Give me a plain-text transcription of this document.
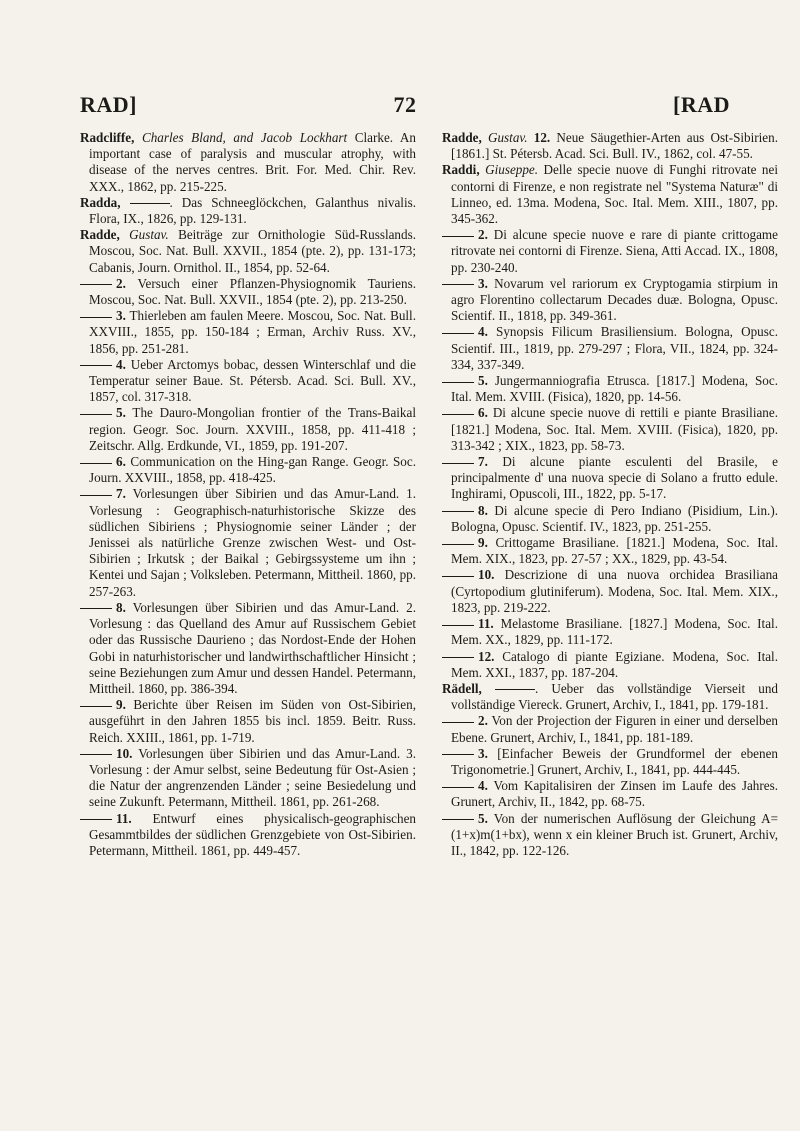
RAD]	72	[RAD

Radcliffe, Charles Bland, and Jacob Lockhart Clarke. An important case of paralysis and muscular atrophy, with disease of the nerves centres. Brit. For. Med. Chir. Rev. XXX., 1862, pp. 215-225.

Radda,	. Das Schneeglöckchen, Galanthus nivalis. Flora, IX., 1826, pp. 129-131.

Radde, Gustav. Beiträge zur Ornithologie Süd-Russlands. Moscou, Soc. Nat. Bull. XXVII., 1854 (pte. 2), pp. 131-173; Cabanis, Journ. Ornithol. II., 1854, pp. 52-64.

2. Versuch einer Pflanzen-Physiognomik Tauriens. Moscou, Soc. Nat. Bull. XXVII., 1854 (pte. 2), pp. 213-250.

3. Thierleben am faulen Meere. Moscou, Soc. Nat. Bull. XXVIII., 1855, pp. 150-184 ; Erman, Archiv Russ. XV., 1856, pp. 251-281.

4. Ueber Arctomys bobac, dessen Winterschlaf und die Temperatur seiner Baue. St. Pétersb. Acad. Sci. Bull. XV., 1857, col. 317-318.

5. The Dauro-Mongolian frontier of the Trans-Baikal region. Geogr. Soc. Journ. XXVIII., 1858, pp. 411-418 ; Zeitschr. Allg. Erdkunde, VI., 1859, pp. 191-207.

6. Communication on the Hing-gan Range. Geogr. Soc. Journ. XXVIII., 1858, pp. 418-425.

7. Vorlesungen über Sibirien und das Amur-Land. 1. Vorlesung : Geographisch-naturhistorische Skizze des südlichen Sibiriens ; Physiognomie seiner Länder ; der Jenissei als natürliche Grenze zwischen West- und Ost-Sibirien ; Irkutsk ; der Baikal ; Gebirgssysteme um ihn ; Kentei und Sajan ; Volksleben. Petermann, Mittheil. 1860, pp. 257-263.

8. Vorlesungen über Sibirien und das Amur-Land. 2. Vorlesung : das Quelland des Amur auf Russischem Gebiet oder das Russische Daurieno ; das Nordost-Ende der Hohen Gobi in naturhistorischer und landwirthschaftlicher Hinsicht ; seine Beziehungen zum Amur und dessen Handel. Petermann, Mittheil. 1860, pp. 386-394.

9. Berichte über Reisen im Süden von Ost-Sibirien, ausgeführt in den Jahren 1855 bis incl. 1859. Beitr. Russ. Reich. XXIII., 1861, pp. 1-719.

10. Vorlesungen über Sibirien und das Amur-Land. 3. Vorlesung : der Amur selbst, seine Bedeutung für Ost-Asien ; die Natur der angrenzenden Länder ; seine Besiedelung und seine Zukunft. Petermann, Mittheil. 1861, pp. 261-268.

11. Entwurf eines physicalisch-geographischen Gesammtbildes der südlichen Grenzgebiete von Ost-Sibirien. Petermann, Mittheil. 1861, pp. 449-457.

Radde, Gustav. 12. Neue Säugethier-Arten aus Ost-Sibirien. [1861.] St. Pétersb. Acad. Sci. Bull. IV., 1862, col. 47-55.

Raddi, Giuseppe. Delle specie nuove di Funghi ritrovate nei contorni di Firenze, e non registrate nel "Systema Naturæ" di Linneo, ed. 13ma. Modena, Soc. Ital. Mem. XIII., 1807, pp. 345-362.

2. Di alcune specie nuove e rare di piante crittogame ritrovate nei contorni di Firenze. Siena, Atti Accad. IX., 1808, pp. 230-240.

3. Novarum vel rariorum ex Cryptogamia stirpium in agro Florentino collectarum Decades duæ. Bologna, Opusc. Scientif. II., 1818, pp. 349-361.

4. Synopsis Filicum Brasiliensium. Bologna, Opusc. Scientif. III., 1819, pp. 279-297 ; Flora, VII., 1824, pp. 324-334, 337-349.

5. Jungermanniografia Etrusca. [1817.] Modena, Soc. Ital. Mem. XVIII. (Fisica), 1820, pp. 14-56.

6. Di alcune specie nuove di rettili e piante Brasiliane. [1821.] Modena, Soc. Ital. Mem. XVIII. (Fisica), 1820, pp. 313-342 ; XIX., 1823, pp. 58-73.

7. Di alcune piante esculenti del Brasile, e principalmente d' una nuova specie di Solano a frutto edule. Inghirami, Opuscoli, III., 1822, pp. 5-17.

8. Di alcune specie di Pero Indiano (Pisidium, Lin.). Bologna, Opusc. Scientif. IV., 1823, pp. 251-255.

9. Crittogame Brasiliane. [1821.] Modena, Soc. Ital. Mem. XIX., 1823, pp. 27-57 ; XX., 1829, pp. 43-54.

10. Descrizione di una nuova orchidea Brasiliana (Cyrtopodium glutiniferum). Modena, Soc. Ital. Mem. XIX., 1823, pp. 219-222.

11. Melastome Brasiliane. [1827.] Modena, Soc. Ital. Mem. XX., 1829, pp. 111-172.

12. Catalogo di piante Egiziane. Modena, Soc. Ital. Mem. XXI., 1837, pp. 187-204.

Rädell,	. Ueber das vollständige Vierseit und vollständige Viereck. Grunert, Archiv, I., 1841, pp. 179-181.

2. Von der Projection der Figuren in einer und derselben Ebene. Grunert, Archiv, I., 1841, pp. 181-189.

3. [Einfacher Beweis der Grundformel der ebenen Trigonometrie.] Grunert, Archiv, I., 1841, pp. 444-445.

4. Vom Kapitalisiren der Zinsen im Laufe des Jahres. Grunert, Archiv, II., 1842, pp. 68-75.

5. Von der numerischen Auflösung der Gleichung A=(1+x)m(1+bx), wenn x ein kleiner Bruch ist. Grunert, Archiv, II., 1842, pp. 122-126.
